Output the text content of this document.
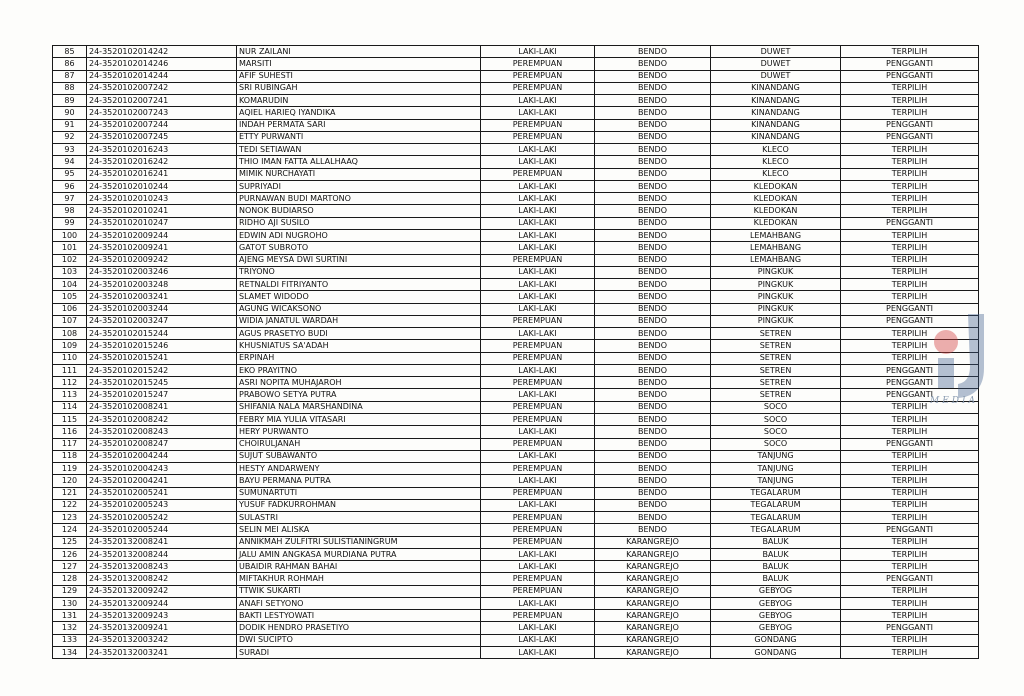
85	24-3520102014242	NUR ZAILANI	LAKI-LAKI	BENDO	DUWET	TERPILIH
86	24-3520102014246	MARSITI	PEREMPUAN	BENDO	DUWET	PENGGANTI
87	24-3520102014244	AFIF SUHESTI	PEREMPUAN	BENDO	DUWET	PENGGANTI
88	24-3520102007242	SRI RUBINGAH	PEREMPUAN	BENDO	KINANDANG	TERPILIH
89	24-3520102007241	KOMARUDIN	LAKI-LAKI	BENDO	KINANDANG	TERPILIH
90	24-3520102007243	AQIEL HARIEQ IYANDIKA	LAKI-LAKI	BENDO	KINANDANG	TERPILIH
91	24-3520102007244	INDAH PERMATA SARI	PEREMPUAN	BENDO	KINANDANG	PENGGANTI
92	24-3520102007245	ETTY PURWANTI	PEREMPUAN	BENDO	KINANDANG	PENGGANTI
93	24-3520102016243	TEDI SETIAWAN	LAKI-LAKI	BENDO	KLECO	TERPILIH
94	24-3520102016242	THIO IMAN FATTA ALLALHAAQ	LAKI-LAKI	BENDO	KLECO	TERPILIH
95	24-3520102016241	MIMIK NURCHAYATI	PEREMPUAN	BENDO	KLECO	TERPILIH
96	24-3520102010244	SUPRIYADI	LAKI-LAKI	BENDO	KLEDOKAN	TERPILIH
97	24-3520102010243	PURNAWAN BUDI MARTONO	LAKI-LAKI	BENDO	KLEDOKAN	TERPILIH
98	24-3520102010241	NONOK BUDIARSO	LAKI-LAKI	BENDO	KLEDOKAN	TERPILIH
99	24-3520102010247	RIDHO AJI SUSILO	LAKI-LAKI	BENDO	KLEDOKAN	PENGGANTI
100	24-3520102009244	EDWIN ADI NUGROHO	LAKI-LAKI	BENDO	LEMAHBANG	TERPILIH
101	24-3520102009241	GATOT SUBROTO	LAKI-LAKI	BENDO	LEMAHBANG	TERPILIH
102	24-3520102009242	AJENG MEYSA DWI SURTINI	PEREMPUAN	BENDO	LEMAHBANG	TERPILIH
103	24-3520102003246	TRIYONO	LAKI-LAKI	BENDO	PINGKUK	TERPILIH
104	24-3520102003248	RETNALDI FITRIYANTO	LAKI-LAKI	BENDO	PINGKUK	TERPILIH
105	24-3520102003241	SLAMET WIDODO	LAKI-LAKI	BENDO	PINGKUK	TERPILIH
106	24-3520102003244	AGUNG WICAKSONO	LAKI-LAKI	BENDO	PINGKUK	PENGGANTI
107	24-3520102003247	WIDIA JANATUL WARDAH	PEREMPUAN	BENDO	PINGKUK	PENGGANTI
108	24-3520102015244	AGUS PRASETYO BUDI	LAKI-LAKI	BENDO	SETREN	TERPILIH
109	24-3520102015246	KHUSNIATUS SA'ADAH	PEREMPUAN	BENDO	SETREN	TERPILIH
110	24-3520102015241	ERPINAH	PEREMPUAN	BENDO	SETREN	TERPILIH
111	24-3520102015242	EKO PRAYITNO	LAKI-LAKI	BENDO	SETREN	PENGGANTI
112	24-3520102015245	ASRI NOPITA MUHAJAROH	PEREMPUAN	BENDO	SETREN	PENGGANTI
113	24-3520102015247	PRABOWO SETYA PUTRA	LAKI-LAKI	BENDO	SETREN	PENGGANTI
114	24-3520102008241	SHIFANIA NALA MARSHANDINA	PEREMPUAN	BENDO	SOCO	TERPILIH
115	24-3520102008242	FEBRY MIA YULIA VITASARI	PEREMPUAN	BENDO	SOCO	TERPILIH
116	24-3520102008243	HERY PURWANTO	LAKI-LAKI	BENDO	SOCO	TERPILIH
117	24-3520102008247	CHOIRULJANAH	PEREMPUAN	BENDO	SOCO	PENGGANTI
118	24-3520102004244	SUJUT SUBAWANTO	LAKI-LAKI	BENDO	TANJUNG	TERPILIH
119	24-3520102004243	HESTY ANDARWENY	PEREMPUAN	BENDO	TANJUNG	TERPILIH
120	24-3520102004241	BAYU PERMANA PUTRA	LAKI-LAKI	BENDO	TANJUNG	TERPILIH
121	24-3520102005241	SUMUNARTUTI	PEREMPUAN	BENDO	TEGALARUM	TERPILIH
122	24-3520102005243	YUSUF FADKURROHMAN	LAKI-LAKI	BENDO	TEGALARUM	TERPILIH
123	24-3520102005242	SULASTRI	PEREMPUAN	BENDO	TEGALARUM	TERPILIH
124	24-3520102005244	SELIN MEI ALISKA	PEREMPUAN	BENDO	TEGALARUM	PENGGANTI
125	24-3520132008241	ANNIKMAH ZULFITRI SULISTIANINGRUM	PEREMPUAN	KARANGREJO	BALUK	TERPILIH
126	24-3520132008244	JALU AMIN ANGKASA MURDIANA PUTRA	LAKI-LAKI	KARANGREJO	BALUK	TERPILIH
127	24-3520132008243	UBAIDIR RAHMAN BAHAI	LAKI-LAKI	KARANGREJO	BALUK	TERPILIH
128	24-3520132008242	MIFTAKHUR ROHMAH	PEREMPUAN	KARANGREJO	BALUK	PENGGANTI
129	24-3520132009242	TTWIK SUKARTI	PEREMPUAN	KARANGREJO	GEBYOG	TERPILIH
130	24-3520132009244	ANAFI SETYONO	LAKI-LAKI	KARANGREJO	GEBYOG	TERPILIH
131	24-3520132009243	BAKTI LESTYOWATI	PEREMPUAN	KARANGREJO	GEBYOG	TERPILIH
132	24-3520132009241	DODIK HENDRO PRASETIYO	LAKI-LAKI	KARANGREJO	GEBYOG	PENGGANTI
133	24-3520132003242	DWI SUCIPTO	LAKI-LAKI	KARANGREJO	GONDANG	TERPILIH
134	24-3520132003241	SURADI	LAKI-LAKI	KARANGREJO	GONDANG	TERPILIH
MEDIA
